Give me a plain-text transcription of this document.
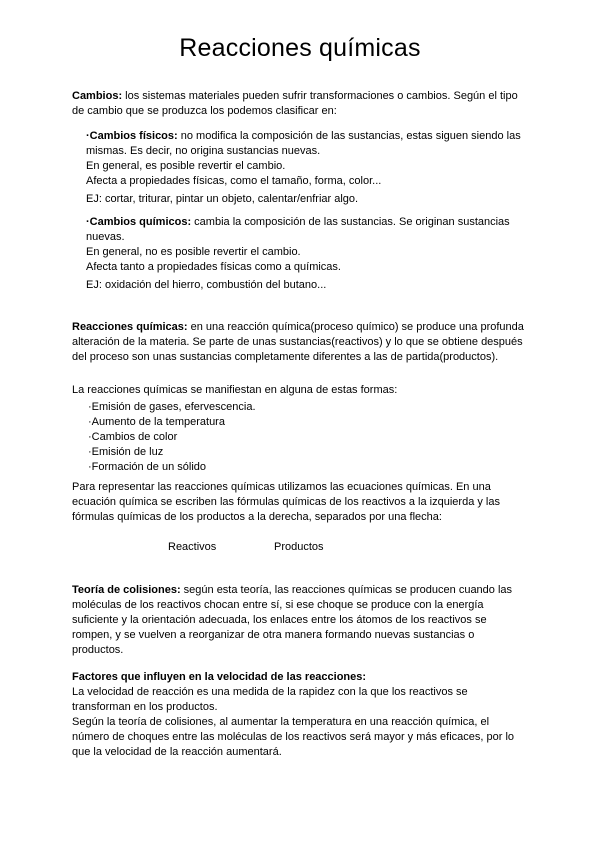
Reacciones químicas
Cambios: los sistemas materiales pueden sufrir transformaciones o cambios. Según el tipo de cambio que se produzca los podemos clasificar en:
·Cambios físicos: no modifica la composición de las sustancias, estas siguen siendo las mismas. Es decir, no origina sustancias nuevas.
En general, es posible revertir el cambio.
Afecta a propiedades físicas, como el tamaño, forma, color...
EJ: cortar, triturar, pintar un objeto, calentar/enfriar algo.
·Cambios químicos: cambia la composición de las sustancias. Se originan sustancias nuevas.
En general, no es posible revertir el cambio.
Afecta tanto a propiedades físicas como a químicas.
EJ: oxidación del hierro, combustión del butano...
Reacciones químicas: en una reacción química(proceso químico) se produce una profunda alteración de la materia. Se parte de unas sustancias(reactivos) y lo que se obtiene después del proceso son unas sustancias completamente diferentes a las de partida(productos).
La reacciones químicas se manifiestan en alguna de estas formas:
·Emisión de gases, efervescencia.
·Aumento de la temperatura
·Cambios de color
·Emisión de luz
·Formación de un sólido
Para representar las reacciones químicas utilizamos las ecuaciones químicas. En una ecuación química se escriben las fórmulas químicas de los reactivos a la izquierda y las fórmulas químicas de los productos a la derecha, separados por una flecha:
Reactivos	Productos
Teoría de colisiones: según esta teoría, las reacciones químicas se producen cuando las moléculas de los reactivos chocan entre sí, si ese choque se produce con la energía suficiente y la orientación adecuada, los enlaces entre los átomos de los reactivos se rompen, y se vuelven a reorganizar de otra manera formando nuevas sustancias o productos.
Factores que influyen en la velocidad de las reacciones:
La velocidad de reacción es una medida de la rapidez con la que los reactivos se transforman en los productos.
Según la teoría de colisiones, al aumentar la temperatura en una reacción química, el número de choques entre las moléculas de los reactivos será mayor y más eficaces, por lo que la velocidad de la reacción aumentará.
